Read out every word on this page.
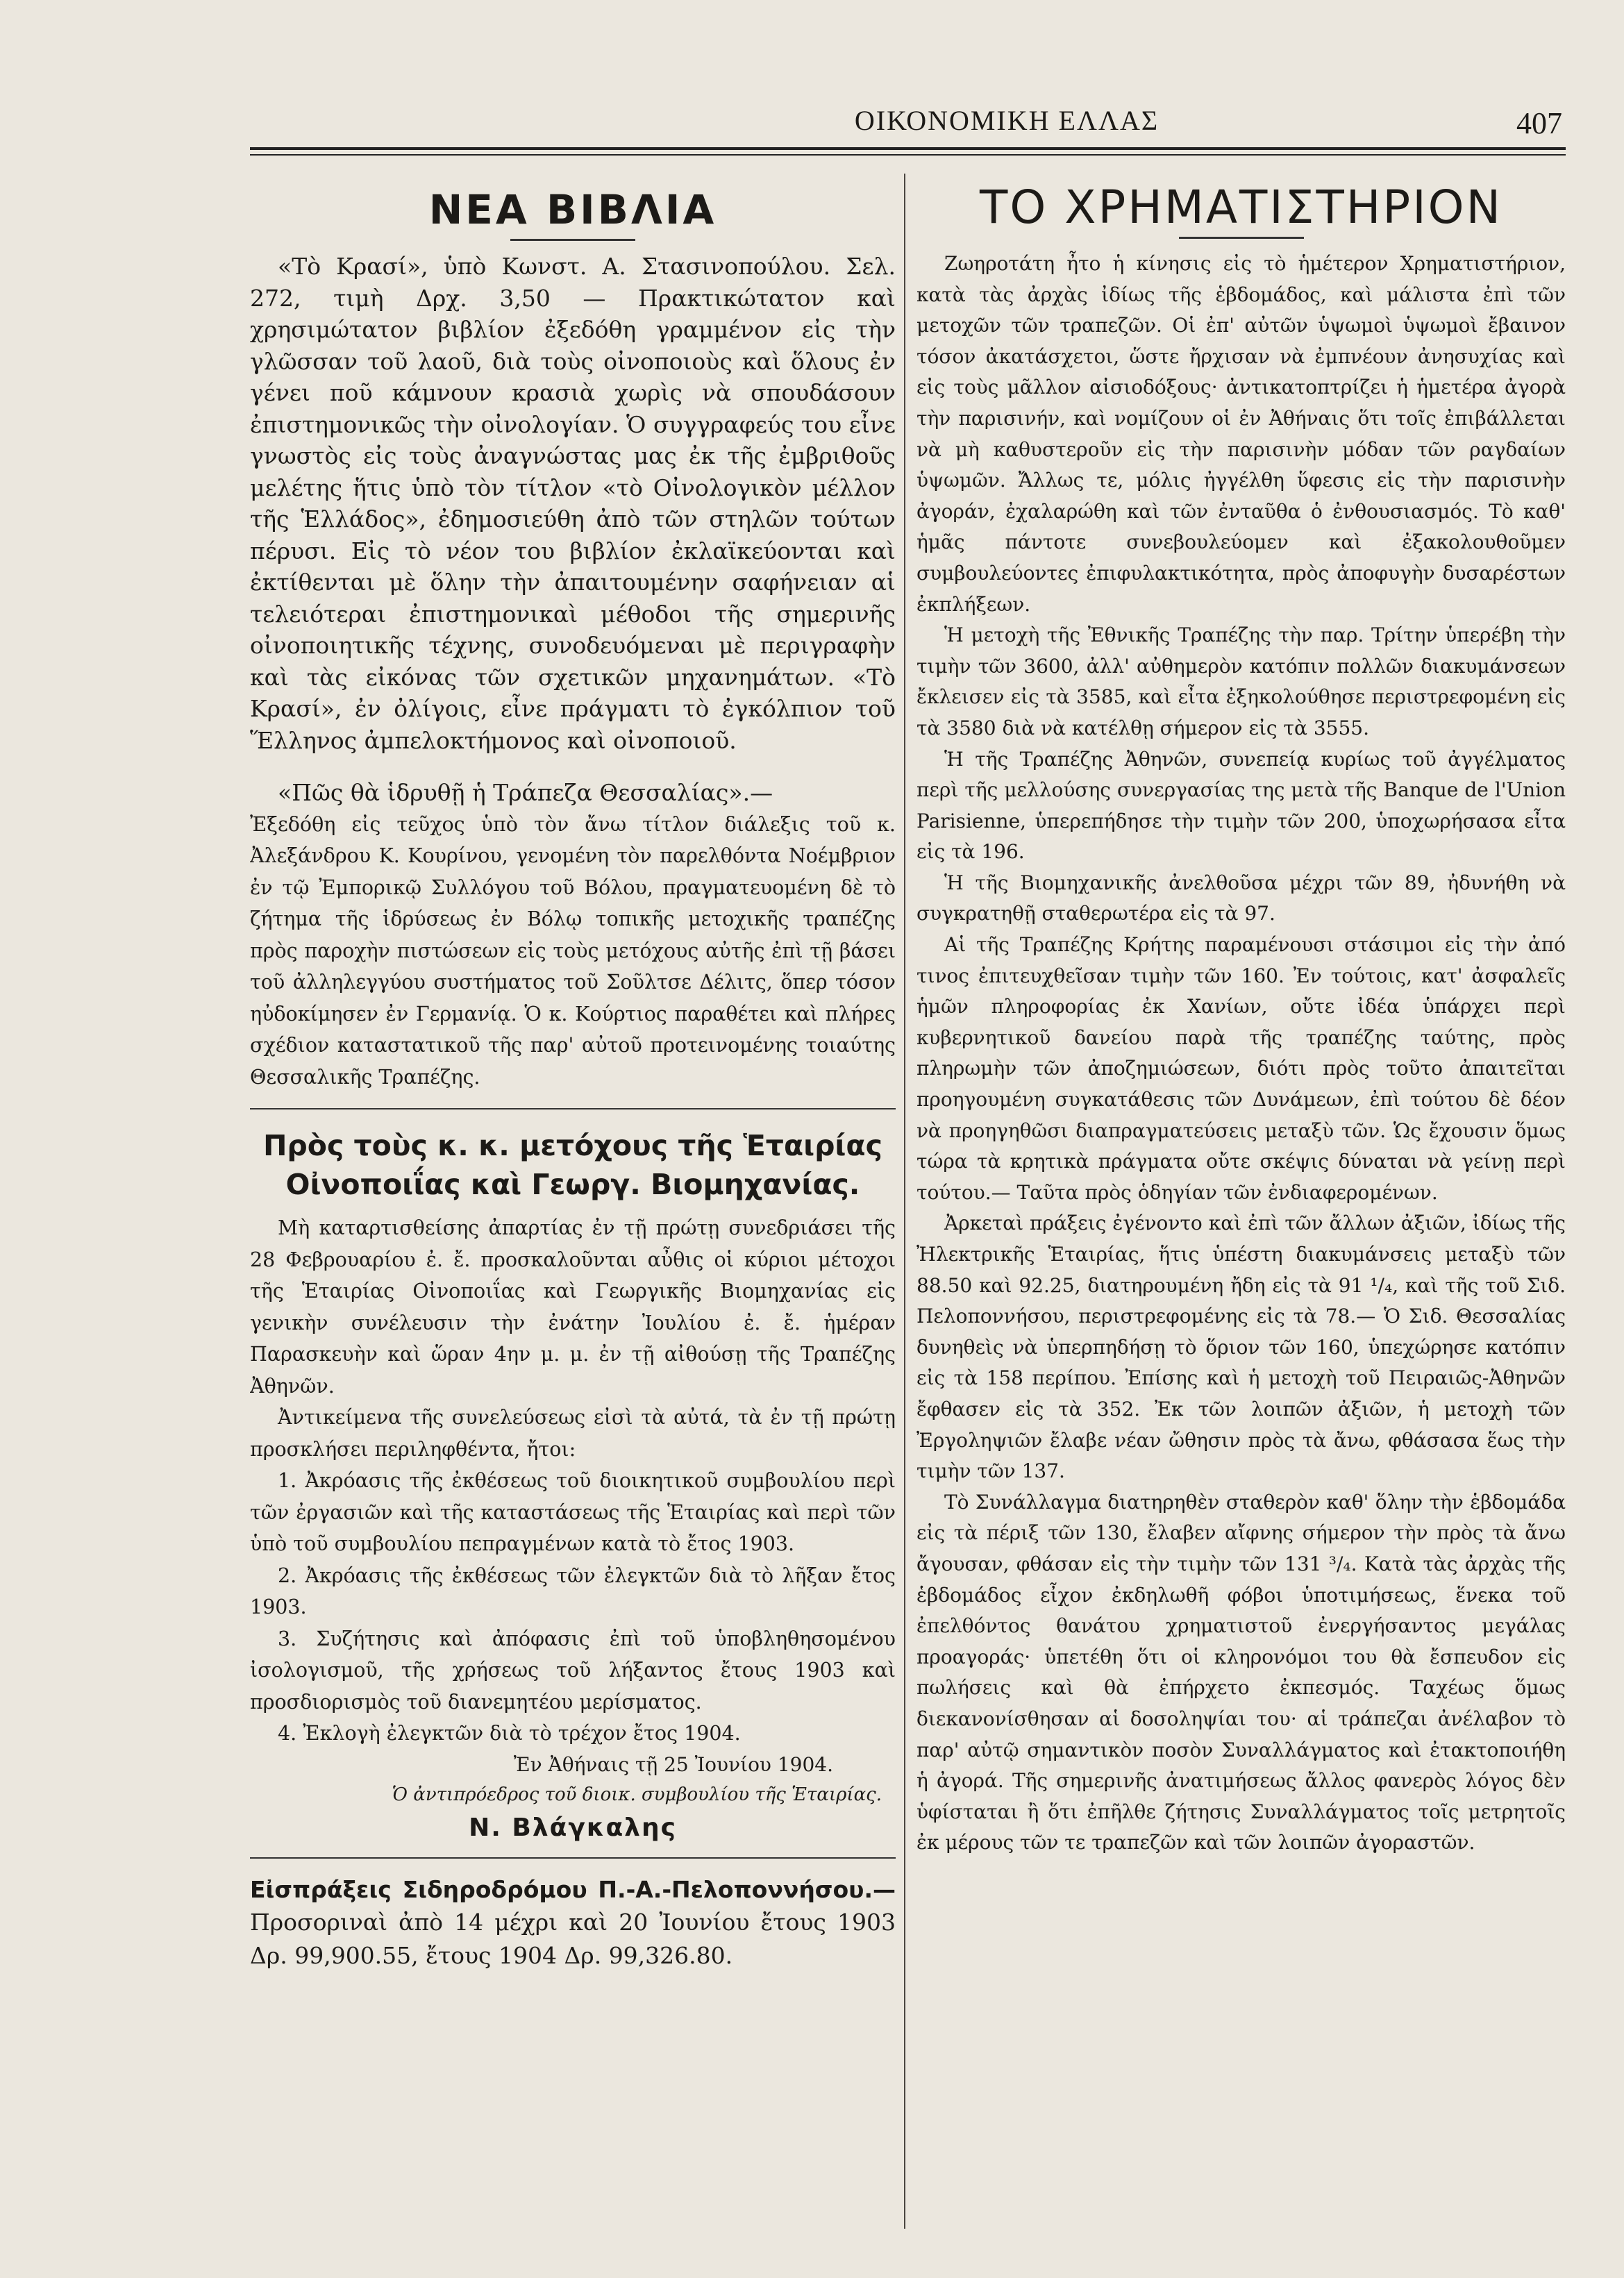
ΟΙΚΟΝΟΜΙΚΗ ΕΛΛΑΣ	407
ΝΕΑ ΒΙΒΛΙΑ

«Τὸ Κρασί», ὑπὸ Κωνστ. Α. Στασινοπούλου. Σελ. 272, τιμὴ Δρχ. 3,50 — Πρακτικώτατον καὶ χρησιμώτατον βιβλίον ἐξεδόθη γραμμένον εἰς τὴν γλῶσσαν τοῦ λαοῦ, διὰ τοὺς οἰνοποιοὺς καὶ ὅλους ἐν γένει ποῦ κάμνουν κρασιὰ χωρὶς νὰ σπουδάσουν ἐπιστημονικῶς τὴν οἰνολογίαν. Ὁ συγγραφεύς του εἶνε γνωστὸς εἰς τοὺς ἀναγνώστας μας ἐκ τῆς ἐμβριθοῦς μελέτης ἥτις ὑπὸ τὸν τίτλον «τὸ Οἰνολογικὸν μέλλον τῆς Ἑλλάδος», ἐδημοσιεύθη ἀπὸ τῶν στηλῶν τούτων πέρυσι. Εἰς τὸ νέον του βιβλίον ἐκλαϊκεύονται καὶ ἐκτίθενται μὲ ὅλην τὴν ἀπαιτουμένην σαφήνειαν αἱ τελειότεραι ἐπιστημονικαὶ μέθοδοι τῆς σημερινῆς οἰνοποιητικῆς τέχνης, συνοδευόμεναι μὲ περιγραφὴν καὶ τὰς εἰκόνας τῶν σχετικῶν μηχανημάτων. «Τὸ Κρασί», ἐν ὀλίγοις, εἶνε πράγματι τὸ ἐγκόλπιον τοῦ Ἕλληνος ἀμπελοκτήμονος καὶ οἰνοποιοῦ.

«Πῶς θὰ ἱδρυθῇ ἡ Τράπεζα Θεσσαλίας».—

Ἐξεδόθη εἰς τεῦχος ὑπὸ τὸν ἄνω τίτλον διάλεξις τοῦ κ. Ἀλεξάνδρου Κ. Κουρίνου, γενομένη τὸν παρελθόντα Νοέμβριον ἐν τῷ Ἐμπορικῷ Συλλόγου τοῦ Βόλου, πραγματευομένη δὲ τὸ ζήτημα τῆς ἱδρύσεως ἐν Βόλῳ τοπικῆς μετοχικῆς τραπέζης πρὸς παροχὴν πιστώσεων εἰς τοὺς μετόχους αὐτῆς ἐπὶ τῇ βάσει τοῦ ἀλληλεγγύου συστήματος τοῦ Σοῦλτσε Δέλιτς, ὅπερ τόσον ηὐδοκίμησεν ἐν Γερμανίᾳ. Ὁ κ. Κούρτιος παραθέτει καὶ πλήρες σχέδιον καταστατικοῦ τῆς παρ' αὐτοῦ προτεινομένης τοιαύτης Θεσσαλικῆς Τραπέζης.

Πρὸς τοὺς κ. κ. μετόχους τῆς Ἑταιρίας Οἰνοποιΐας καὶ Γεωργ. Βιομηχανίας.

Μὴ καταρτισθείσης ἀπαρτίας ἐν τῇ πρώτῃ συνεδριάσει τῆς 28 Φεβρουαρίου ἐ. ἔ. προσκαλοῦνται αὖθις οἱ κύριοι μέτοχοι τῆς Ἑταιρίας Οἰνοποιΐας καὶ Γεωργικῆς Βιομηχανίας εἰς γενικὴν συνέλευσιν τὴν ἐνάτην Ἰουλίου ἐ. ἔ. ἡμέραν Παρασκευὴν καὶ ὥραν 4ην μ. μ. ἐν τῇ αἰθούσῃ τῆς Τραπέζης Ἀθηνῶν.

Ἀντικείμενα τῆς συνελεύσεως εἰσὶ τὰ αὐτά, τὰ ἐν τῇ πρώτῃ προσκλήσει περιληφθέντα, ἤτοι:

1. Ἀκρόασις τῆς ἐκθέσεως τοῦ διοικητικοῦ συμβουλίου περὶ τῶν ἐργασιῶν καὶ τῆς καταστάσεως τῆς Ἑταιρίας καὶ περὶ τῶν ὑπὸ τοῦ συμβουλίου πεπραγμένων κατὰ τὸ ἔτος 1903.

2. Ἀκρόασις τῆς ἐκθέσεως τῶν ἐλεγκτῶν διὰ τὸ λῆξαν ἔτος 1903.

3. Συζήτησις καὶ ἀπόφασις ἐπὶ τοῦ ὑποβληθησομένου ἰσολογισμοῦ, τῆς χρήσεως τοῦ λήξαντος ἔτους 1903 καὶ προσδιορισμὸς τοῦ διανεμητέου μερίσματος.

4. Ἐκλογὴ ἐλεγκτῶν διὰ τὸ τρέχον ἔτος 1904.

Ἐν Ἀθήναις τῇ 25 Ἰουνίου 1904.
Ὁ ἀντιπρόεδρος τοῦ διοικ. συμβουλίου τῆς Ἑταιρίας.
Ν. Βλάγκαλης

Εἰσπράξεις Σιδηροδρόμου Π.-Α.-Πελοποννήσου.— Προσοριναὶ ἀπὸ 14 μέχρι καὶ 20 Ἰουνίου ἔτους 1903 Δρ. 99,900.55, ἔτους 1904 Δρ. 99,326.80.

ΤΟ ΧΡΗΜΑΤΙΣΤΗΡΙΟΝ

Ζωηροτάτη ἦτο ἡ κίνησις εἰς τὸ ἡμέτερον Χρηματιστήριον, κατὰ τὰς ἀρχὰς ἰδίως τῆς ἑβδομάδος, καὶ μάλιστα ἐπὶ τῶν μετοχῶν τῶν τραπεζῶν. Οἱ ἐπ' αὐτῶν ὑψωμοὶ ὑψωμοὶ ἔβαινον τόσον ἀκατάσχετοι, ὥστε ἤρχισαν νὰ ἐμπνέουν ἀνησυχίας καὶ εἰς τοὺς μᾶλλον αἰσιοδόξους· ἀντικατοπτρίζει ἡ ἡμετέρα ἀγορὰ τὴν παρισινήν, καὶ νομίζουν οἱ ἐν Ἀθήναις ὅτι τοῖς ἐπιβάλλεται νὰ μὴ καθυστεροῦν εἰς τὴν παρισινὴν μόδαν τῶν ραγδαίων ὑψωμῶν. Ἄλλως τε, μόλις ἠγγέλθη ὕφεσις εἰς τὴν παρισινὴν ἀγοράν, ἐχαλαρώθη καὶ τῶν ἐνταῦθα ὁ ἐνθουσιασμός. Τὸ καθ' ἡμᾶς πάντοτε συνεβουλεύομεν καὶ ἐξακολουθοῦμεν συμβουλεύοντες ἐπιφυλακτικότητα, πρὸς ἀποφυγὴν δυσαρέστων ἐκπλήξεων.

Ἡ μετοχὴ τῆς Ἐθνικῆς Τραπέζης τὴν παρ. Τρίτην ὑπερέβη τὴν τιμὴν τῶν 3600, ἀλλ' αὐθημερὸν κατόπιν πολλῶν διακυμάνσεων ἔκλεισεν εἰς τὰ 3585, καὶ εἶτα ἐξηκολούθησε περιστρεφομένη εἰς τὰ 3580 διὰ νὰ κατέλθῃ σήμερον εἰς τὰ 3555.

Ἡ τῆς Τραπέζης Ἀθηνῶν, συνεπείᾳ κυρίως τοῦ ἀγγέλματος περὶ τῆς μελλούσης συνεργασίας της μετὰ τῆς Banque de l'Union Parisienne, ὑπερεπήδησε τὴν τιμὴν τῶν 200, ὑποχωρήσασα εἶτα εἰς τὰ 196.

Ἡ τῆς Βιομηχανικῆς ἀνελθοῦσα μέχρι τῶν 89, ἠδυνήθη νὰ συγκρατηθῇ σταθερωτέρα εἰς τὰ 97.

Αἱ τῆς Τραπέζης Κρήτης παραμένουσι στάσιμοι εἰς τὴν ἀπό τινος ἐπιτευχθεῖσαν τιμὴν τῶν 160. Ἐν τούτοις, κατ' ἀσφαλεῖς ἡμῶν πληροφορίας ἐκ Χανίων, οὔτε ἰδέα ὑπάρχει περὶ κυβερνητικοῦ δανείου παρὰ τῆς τραπέζης ταύτης, πρὸς πληρωμὴν τῶν ἀποζημιώσεων, διότι πρὸς τοῦτο ἀπαιτεῖται προηγουμένη συγκατάθεσις τῶν Δυνάμεων, ἐπὶ τούτου δὲ δέον νὰ προηγηθῶσι διαπραγματεύσεις μεταξὺ τῶν. Ὡς ἔχουσιν ὅμως τώρα τὰ κρητικὰ πράγματα οὔτε σκέψις δύναται νὰ γείνῃ περὶ τούτου.— Ταῦτα πρὸς ὁδηγίαν τῶν ἐνδιαφερομένων.

Ἀρκεταὶ πράξεις ἐγένοντο καὶ ἐπὶ τῶν ἄλλων ἀξιῶν, ἰδίως τῆς Ἠλεκτρικῆς Ἑταιρίας, ἥτις ὑπέστη διακυμάνσεις μεταξὺ τῶν 88.50 καὶ 92.25, διατηρουμένη ἤδη εἰς τὰ 91 ¹/₄, καὶ τῆς τοῦ Σιδ. Πελοποννήσου, περιστρεφομένης εἰς τὰ 78.— Ὁ Σιδ. Θεσσαλίας δυνηθεὶς νὰ ὑπερπηδήσῃ τὸ ὅριον τῶν 160, ὑπεχώρησε κατόπιν εἰς τὰ 158 περίπου. Ἐπίσης καὶ ἡ μετοχὴ τοῦ Πειραιῶς-Ἀθηνῶν ἔφθασεν εἰς τὰ 352. Ἐκ τῶν λοιπῶν ἀξιῶν, ἡ μετοχὴ τῶν Ἐργοληψιῶν ἔλαβε νέαν ὤθησιν πρὸς τὰ ἄνω, φθάσασα ἕως τὴν τιμὴν τῶν 137.

Τὸ Συνάλλαγμα διατηρηθὲν σταθερὸν καθ' ὅλην τὴν ἑβδομάδα εἰς τὰ πέριξ τῶν 130, ἔλαβεν αἴφνης σήμερον τὴν πρὸς τὰ ἄνω ἄγουσαν, φθάσαν εἰς τὴν τιμὴν τῶν 131 ³/₄. Κατὰ τὰς ἀρχὰς τῆς ἑβδομάδος εἶχον ἐκδηλωθῆ φόβοι ὑποτιμήσεως, ἕνεκα τοῦ ἐπελθόντος θανάτου χρηματιστοῦ ἐνεργήσαντος μεγάλας προαγοράς· ὑπετέθη ὅτι οἱ κληρονόμοι του θὰ ἔσπευδον εἰς πωλήσεις καὶ θὰ ἐπήρχετο ἐκπεσμός. Ταχέως ὅμως διεκανονίσθησαν αἱ δοσοληψίαι του· αἱ τράπεζαι ἀνέλαβον τὸ παρ' αὐτῷ σημαντικὸν ποσὸν Συναλλάγματος καὶ ἐτακτοποιήθη ἡ ἀγορά. Τῆς σημερινῆς ἀνατιμήσεως ἄλλος φανερὸς λόγος δὲν ὑφίσταται ἢ ὅτι ἐπῆλθε ζήτησις Συναλλάγματος τοῖς μετρητοῖς ἐκ μέρους τῶν τε τραπεζῶν καὶ τῶν λοιπῶν ἀγοραστῶν.
